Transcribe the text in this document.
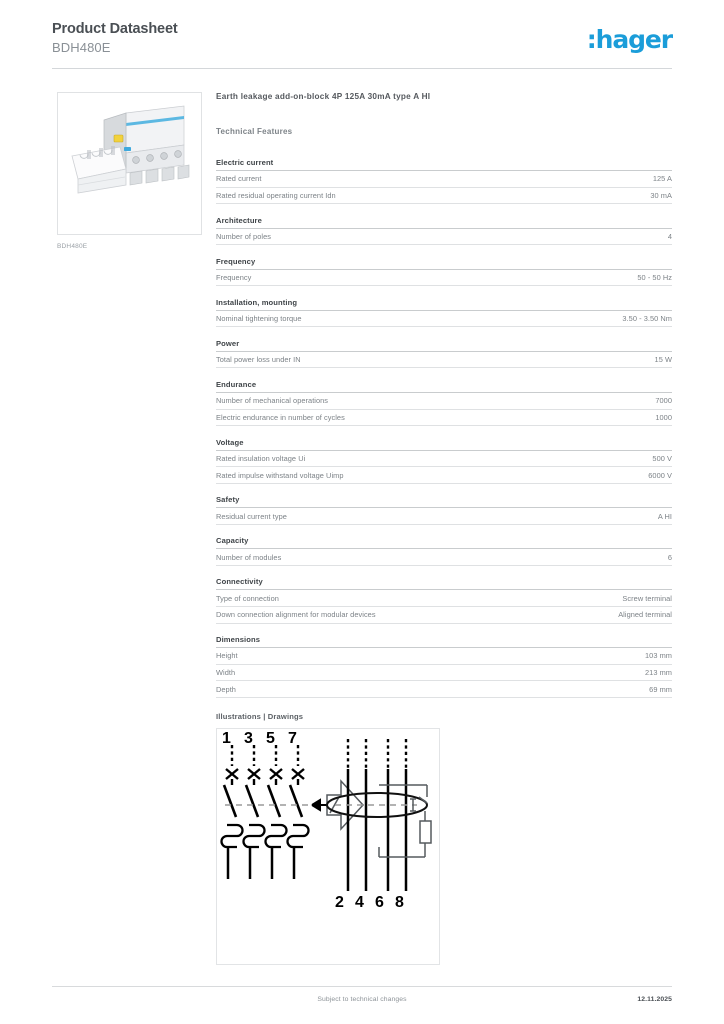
Product Datasheet
BDH480E	:hager
BDH480E
Earth leakage add-on-block 4P 125A 30mA type A HI
Technical Features
Electric current
Rated current	125 A
Rated residual operating current Idn	30 mA
Architecture
Number of poles	4
Frequency
Frequency	50 - 50 Hz
Installation, mounting
Nominal tightening torque	3.50 - 3.50 Nm
Power
Total power loss under IN	15 W
Endurance
Number of mechanical operations	7000
Electric endurance in number of cycles	1000
Voltage
Rated insulation voltage Ui	500 V
Rated impulse withstand voltage Uimp	6000 V
Safety
Residual current type	A HI
Capacity
Number of modules	6
Connectivity
Type of connection	Screw terminal
Down connection alignment for modular devices	Aligned terminal
Dimensions
Height	103 mm
Width	213 mm
Depth	69 mm
Illustrations | Drawings
1 3 5 7
2 4 6 8
Subject to technical changes	12.11.2025
